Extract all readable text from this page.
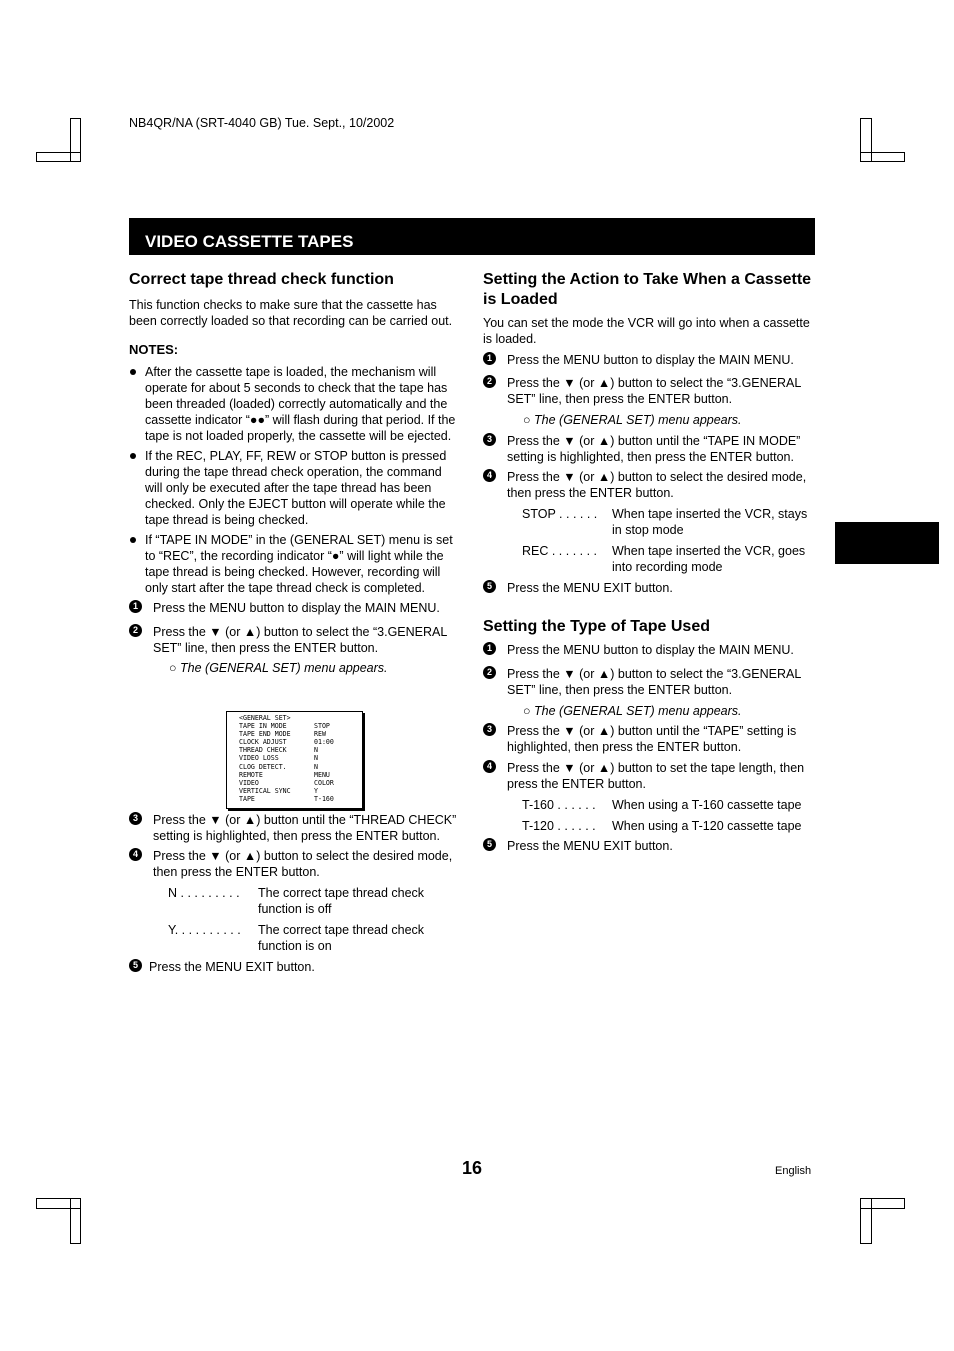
NB4QR/NA (SRT-4040 GB) Tue. Sept., 10/2002
VIDEO CASSETTE TAPES
Correct tape thread check function
This function checks to make sure that the cassette has been correctly loaded so that recording can be carried out.
NOTES:
After the cassette tape is loaded, the mechanism will operate for about 5 seconds to check that the tape has been threaded (loaded) correctly automatically and the cassette indicator “●●” will flash during that period. If the tape is not loaded properly, the cassette will be ejected.
If the REC, PLAY, FF, REW or STOP button is pressed during the tape thread check operation, the command will only be executed after the tape thread has been checked. Only the EJECT button will operate while the tape thread is being checked.
If “TAPE IN MODE” in the (GENERAL SET) menu is set to “REC”, the recording indicator “●” will light while the tape thread is being checked. However, recording will only start after the tape thread check is completed.
1	Press the MENU button to display the MAIN MENU.
2	Press the ▼ (or ▲) button to select the “3.GENERAL SET” line, then press the ENTER button.
○ The (GENERAL SET) menu appears.
<GENERAL SET>
TAPE IN MODE	STOP
TAPE END MODE	REW
CLOCK ADJUST	01:00
THREAD CHECK	N
VIDEO LOSS	N
CLOG DETECT.	N
REMOTE	MENU
VIDEO	COLOR
VERTICAL SYNC	Y
TAPE	T-160
3	Press the ▼ (or ▲) button until the “THREAD CHECK” setting is highlighted, then press the ENTER button.
4	Press the ▼ (or ▲) button to select the desired mode, then press the ENTER button.
N . . . . . . . . .	The correct tape thread check function is off
Y. . . . . . . . . .	The correct tape thread check function is on
5 Press the MENU EXIT button.
Setting the Action to Take When a Cassette is Loaded
You can set the mode the VCR will go into when a cassette is loaded.
1	Press the MENU button to display the MAIN MENU.
2	Press the ▼ (or ▲) button to select the “3.GENERAL SET” line, then press the ENTER button.
○ The (GENERAL SET) menu appears.
3	Press the ▼ (or ▲) button until the “TAPE IN MODE” setting is highlighted, then press the ENTER button.
4	Press the ▼ (or ▲) button to select the desired mode, then press the ENTER button.
STOP . . . . . .	When tape inserted the VCR, stays in stop mode
REC . . . . . . .	When tape inserted the VCR, goes into recording mode
5	Press the MENU EXIT button.
Setting the Type of Tape Used
1	Press the MENU button to display the MAIN MENU.
2	Press the ▼ (or ▲) button to select the “3.GENERAL SET” line, then press the ENTER button.
○ The (GENERAL SET) menu appears.
3	Press the ▼ (or ▲) button until the “TAPE” setting is highlighted, then press the ENTER button.
4	Press the ▼ (or ▲) button to set the tape length, then press the ENTER button.
T-160 . . . . . .	When using a T-160 cassette tape
T-120 . . . . . .	When using a T-120 cassette tape
5	Press the MENU EXIT button.
16	English
